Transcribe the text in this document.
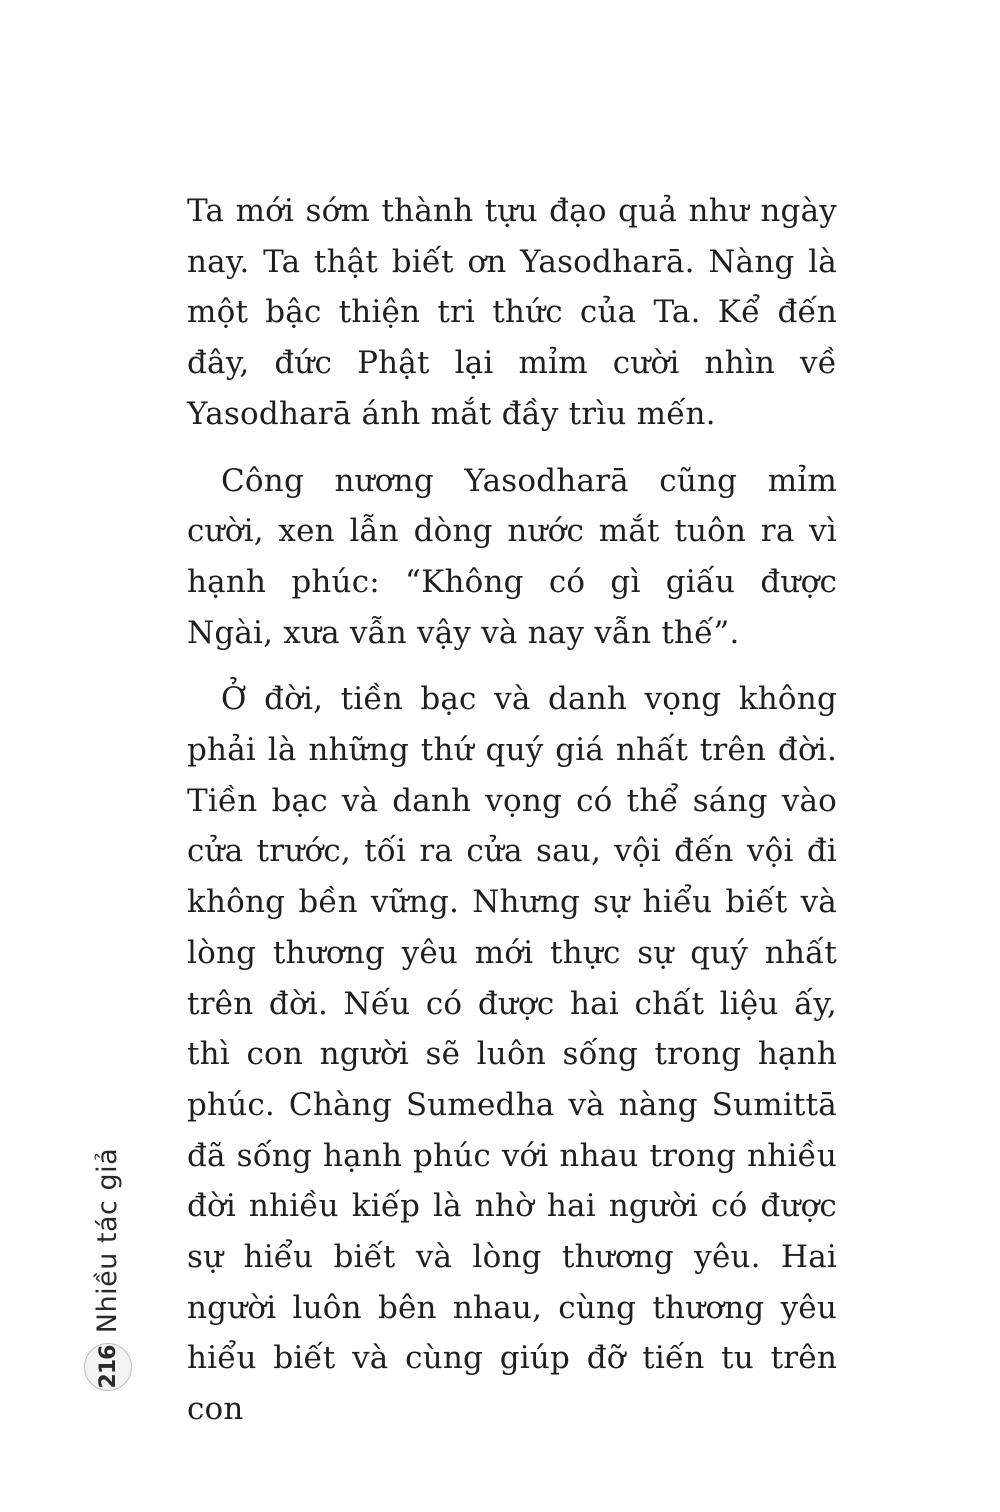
Ta mới sớm thành tựu đạo quả như ngày nay. Ta thật biết ơn Yasodharā. Nàng là một bậc thiện tri thức của Ta. Kể đến đây, đức Phật lại mỉm cười nhìn về Yasodharā ánh mắt đầy trìu mến.

Công nương Yasodharā cũng mỉm cười, xen lẫn dòng nước mắt tuôn ra vì hạnh phúc: “Không có gì giấu được Ngài, xưa vẫn vậy và nay vẫn thế”.

Ở đời, tiền bạc và danh vọng không phải là những thứ quý giá nhất trên đời. Tiền bạc và danh vọng có thể sáng vào cửa trước, tối ra cửa sau, vội đến vội đi không bền vững. Nhưng sự hiểu biết và lòng thương yêu mới thực sự quý nhất trên đời. Nếu có được hai chất liệu ấy, thì con người sẽ luôn sống trong hạnh phúc. Chàng Sumedha và nàng Sumittā đã sống hạnh phúc với nhau trong nhiều đời nhiều kiếp là nhờ hai người có được sự hiểu biết và lòng thương yêu. Hai người luôn bên nhau, cùng thương yêu hiểu biết và cùng giúp đỡ tiến tu trên con

Nhiều tác giả
216
